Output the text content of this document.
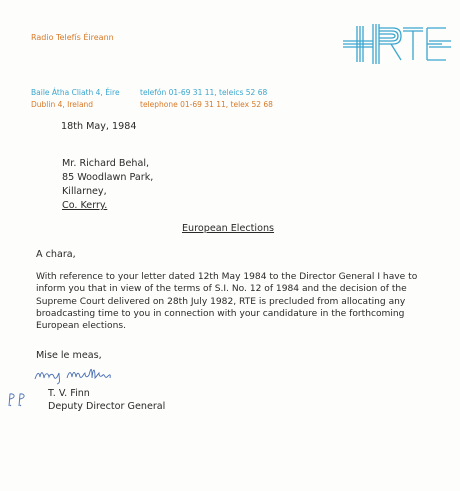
Radio Telefís Éireann
Baile Átha Cliath 4, Éire
Dublin 4, Ireland
telefón 01-69 31 11, teleics 52 68
telephone 01-69 31 11, telex 52 68
18th May, 1984
Mr. Richard Behal,
85 Woodlawn Park,
Killarney,
Co. Kerry.
European Elections
A chara,
With reference to your letter dated 12th May 1984 to the Director General I have to inform you that in view of the terms of S.I. No. 12 of 1984 and the decision of the Supreme Court delivered on 28th July 1982, RTE is precluded from allocating any broadcasting time to you in connection with your candidature in the forthcoming European elections.
Mise le meas,
T. V. Finn
Deputy Director General
